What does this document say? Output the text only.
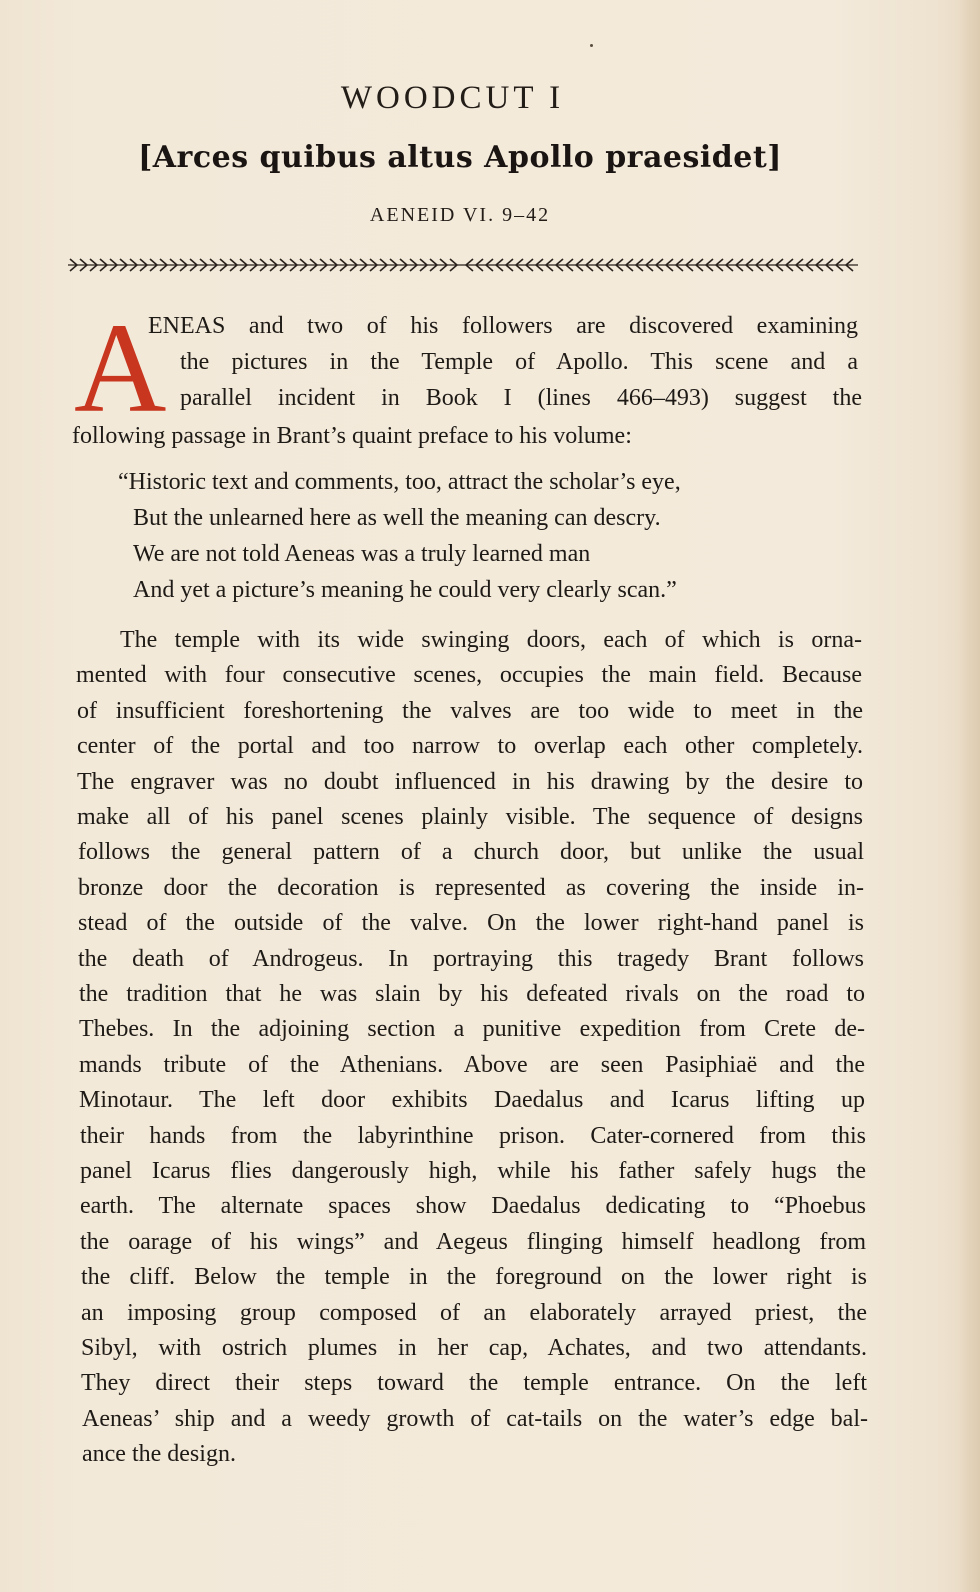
WOODCUT I
[Arces quibus altus Apollo praesidet]
AENEID VI. 9–42
A
ENEAS and two of his followers are discovered examining
the pictures in the Temple of Apollo. This scene and a
parallel incident in Book I (lines 466–493) suggest the
following passage in Brant’s quaint preface to his volume:
“Historic text and comments, too, attract the scholar’s eye,
But the unlearned here as well the meaning can descry.
We are not told Aeneas was a truly learned man
And yet a picture’s meaning he could very clearly scan.”
The temple with its wide swinging doors, each of which is orna-
mented with four consecutive scenes, occupies the main field. Because
of insufficient foreshortening the valves are too wide to meet in the
center of the portal and too narrow to overlap each other completely.
The engraver was no doubt influenced in his drawing by the desire to
make all of his panel scenes plainly visible. The sequence of designs
follows the general pattern of a church door, but unlike the usual
bronze door the decoration is represented as covering the inside in-
stead of the outside of the valve. On the lower right-hand panel is
the death of Androgeus. In portraying this tragedy Brant follows
the tradition that he was slain by his defeated rivals on the road to
Thebes. In the adjoining section a punitive expedition from Crete de-
mands tribute of the Athenians. Above are seen Pasiphiaë and the
Minotaur. The left door exhibits Daedalus and Icarus lifting up
their hands from the labyrinthine prison. Cater-cornered from this
panel Icarus flies dangerously high, while his father safely hugs the
earth. The alternate spaces show Daedalus dedicating to “Phoebus
the oarage of his wings” and Aegeus flinging himself headlong from
the cliff. Below the temple in the foreground on the lower right is
an imposing group composed of an elaborately arrayed priest, the
Sibyl, with ostrich plumes in her cap, Achates, and two attendants.
They direct their steps toward the temple entrance. On the left
Aeneas’ ship and a weedy growth of cat-tails on the water’s edge bal-
ance the design.
